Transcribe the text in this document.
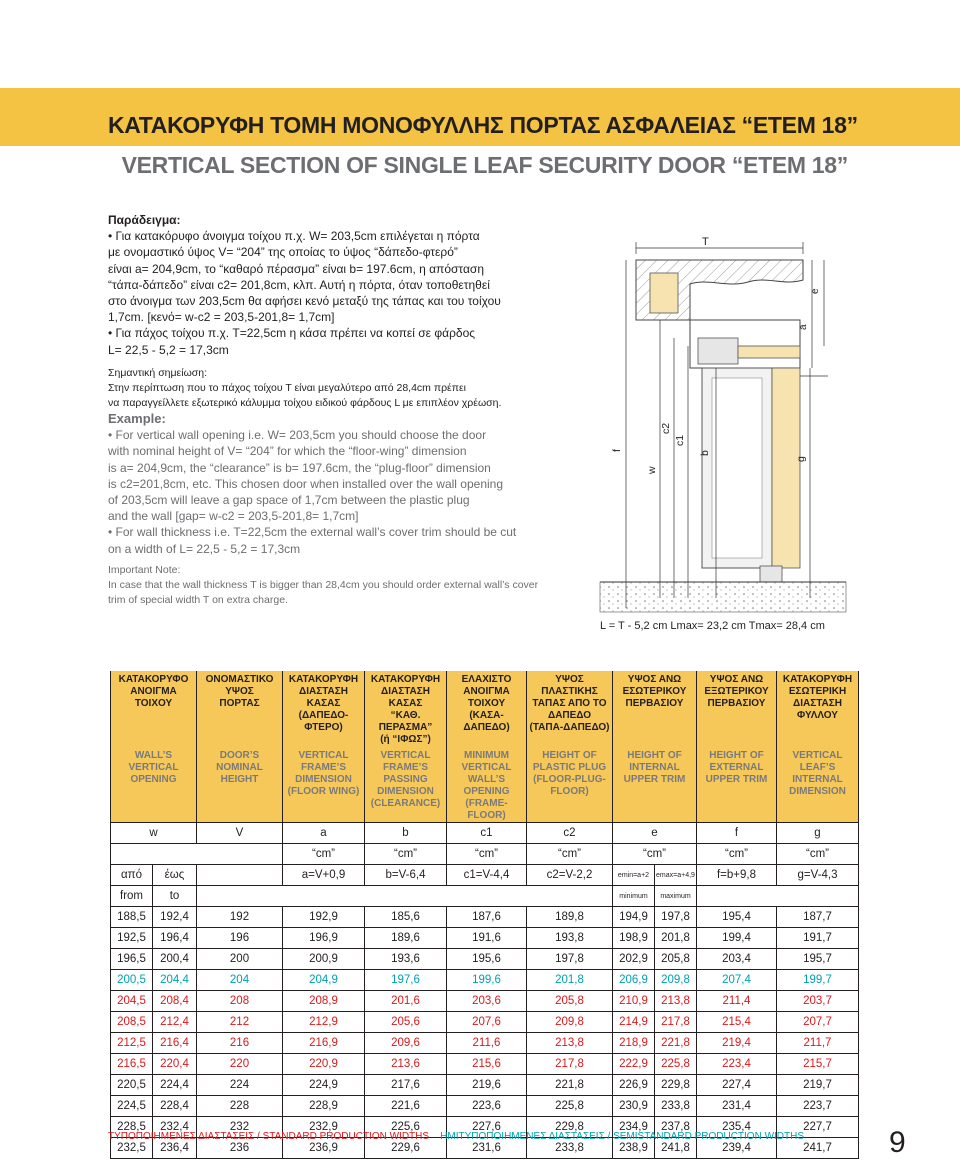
ΚΑΤΑΚΟΡΥΦΗ ΤΟΜΗ ΜΟΝΟΦΥΛΛΗΣ ΠΟΡΤΑΣ ΑΣΦΑΛΕΙΑΣ “ΕΤΕΜ 18”
VERTICAL SECTION OF SINGLE LEAF SECURITY DOOR “ETEM 18”

Παράδειγμα:

• Για κατακόρυφο άνοιγμα τοίχου π.χ. W= 203,5cm επιλέγεται η πόρτα

με ονομαστικό ύψος V= “204” της οποίας το ύψος “δάπεδο-φτερό”

είναι a= 204,9cm, το “καθαρό πέρασμα” είναι b= 197.6cm, η απόσταση

“τάπα-δάπεδο” είναι c2= 201,8cm, κλπ. Αυτή η πόρτα, όταν τοποθετηθεί

στο άνοιγμα των 203,5cm θα αφήσει κενό μεταξύ της τάπας και του τοίχου

1,7cm. [κενό= w-c2 = 203,5-201,8= 1,7cm]

• Για πάχος τοίχου π.χ. T=22,5cm η κάσα πρέπει να κοπεί σε φάρδος

L= 22,5 - 5,2 = 17,3cm

Σημαντική σημείωση:

Στην περίπτωση που το πάχος τοίχου Τ είναι μεγαλύτερο από 28,4cm πρέπει

να παραγγείλλετε εξωτερικό κάλυμμα τοίχου ειδικού φάρδους L με επιπλέον χρέωση.

Example:

• For vertical wall opening i.e. W= 203,5cm you should choose the door

with nominal height of V= “204” for which the “floor-wing” dimension

is a= 204,9cm, the “clearance” is b= 197.6cm, the “plug-floor” dimension

is c2=201,8cm, etc. This chosen door when installed over the wall opening

of 203,5cm will leave a gap space of 1,7cm between the plastic plug

and the wall [gap= w-c2 = 203,5-201,8= 1,7cm]

• For wall thickness i.e. T=22,5cm the external wall’s cover trim should be cut

on a width of L= 22,5 - 5,2 = 17,3cm

Important Note:

In case that the wall thickness T is bigger than 28,4cm you should order external wall’s cover

trim of special width T on extra charge.

T
e
a
f
w
c2
c1
b
g
L = T - 5,2 cm Lmax= 23,2 cm Tmax= 28,4 cm
ΚΑΤΑΚΟΡΥΦΟ
ΑΝΟΙΓΜΑ
ΤΟΙΧΟΥ		ΟΝΟΜΑΣΤΙΚΟ
ΥΨΟΣ
ΠΟΡΤΑΣ	ΚΑΤΑΚΟΡΥΦΗ
ΔΙΑΣΤΑΣΗ
ΚΑΣΑΣ
(ΔΑΠΕΔΟ-
ΦΤΕΡΟ)	ΚΑΤΑΚΟΡΥΦΗ
ΔΙΑΣΤΑΣΗ
ΚΑΣΑΣ
“ΚΑΘ. ΠΕΡΑΣΜΑ”
(ή “ΙΦΩΣ”)	ΕΛΑΧΙΣΤΟ
ΑΝΟΙΓΜΑ
ΤΟΙΧΟΥ
(ΚΑΣΑ-
ΔΑΠΕΔΟ)	ΥΨΟΣ
ΠΛΑΣΤΙΚΗΣ
ΤΑΠΑΣ ΑΠΟ ΤΟ
ΔΑΠΕΔΟ
(ΤΑΠΑ-ΔΑΠΕΔΟ)	ΥΨΟΣ ΑΝΩ
ΕΣΩΤΕΡΙΚΟΥ
ΠΕΡΒΑΣΙΟΥ		ΥΨΟΣ ΑΝΩ
ΕΞΩΤΕΡΙΚΟΥ
ΠΕΡΒΑΣΙΟΥ	ΚΑΤΑΚΟΡΥΦΗ
ΕΣΩΤΕΡΙΚΗ
ΔΙΑΣΤΑΣΗ
ΦΥΛΛΟΥ
WALL’S
VERTICAL
OPENING		DOOR’S
NOMINAL
HEIGHT	VERTICAL
FRAME’S
DIMENSION
(FLOOR WING)	VERTICAL
FRAME’S
PASSING
DIMENSION
(CLEARANCE)	MINIMUM
VERTICAL
WALL’S
OPENING
(FRAME-FLOOR)	HEIGHT OF
PLASTIC PLUG
(FLOOR-PLUG-
FLOOR)	HEIGHT OF
INTERNAL
UPPER TRIM		HEIGHT OF
EXTERNAL
UPPER TRIM	VERTICAL
LEAF’S
INTERNAL
DIMENSION
w		V	a	b	c1	c2	e		f	g
			“cm”	“cm”	“cm”	“cm”	“cm”		“cm”	“cm”
από	έως		a=V+0,9	b=V-6,4	c1=V-4,4	c2=V-2,2	emin=a+2	emax=a+4,9	f=b+9,8	g=V-4,3
from	to						minimum	maximum		
188,5	192,4	192	192,9	185,6	187,6	189,8	194,9	197,8	195,4	187,7
192,5	196,4	196	196,9	189,6	191,6	193,8	198,9	201,8	199,4	191,7
196,5	200,4	200	200,9	193,6	195,6	197,8	202,9	205,8	203,4	195,7
200,5	204,4	204	204,9	197,6	199,6	201,8	206,9	209,8	207,4	199,7
204,5	208,4	208	208,9	201,6	203,6	205,8	210,9	213,8	211,4	203,7
208,5	212,4	212	212,9	205,6	207,6	209,8	214,9	217,8	215,4	207,7
212,5	216,4	216	216,9	209,6	211,6	213,8	218,9	221,8	219,4	211,7
216,5	220,4	220	220,9	213,6	215,6	217,8	222,9	225,8	223,4	215,7
220,5	224,4	224	224,9	217,6	219,6	221,8	226,9	229,8	227,4	219,7
224,5	228,4	228	228,9	221,6	223,6	225,8	230,9	233,8	231,4	223,7
228,5	232,4	232	232,9	225,6	227,6	229,8	234,9	237,8	235,4	227,7
232,5	236,4	236	236,9	229,6	231,6	233,8	238,9	241,8	239,4	241,7
ΤΥΠΟΠΟΙΗΜΕΝΕΣ ΔΙΑΣΤΑΣΕΙΣ / STANDARD PRODUCTION WIDTHS ΗΜΙΤΥΠΟΠΟΙΗΜΕΝΕΣ ΔΙΑΣΤΑΣΕΙΣ / SEMISTANDARD PRODUCTION WIDTHS	9
